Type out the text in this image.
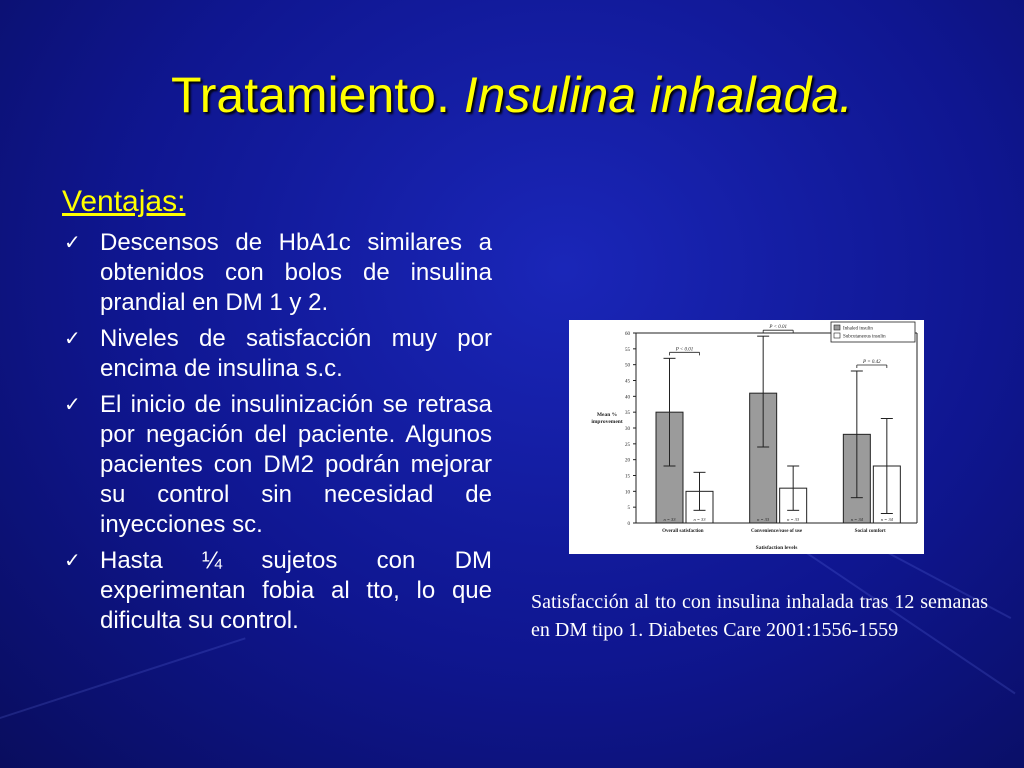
Tratamiento. Insulina inhalada.
Ventajas:
✓ Descensos de HbA1c similares a obtenidos con bolos de insulina prandial en DM 1 y 2.
✓ Niveles de satisfacción muy por encima de insulina s.c.
✓ El inicio de insulinización se retrasa por negación del paciente. Algunos pacientes con DM2 podrán mejorar su control sin necesidad de inyecciones sc.
✓ Hasta ¼ sujetos con DM experimentan fobia al tto, lo que dificulta su control.
0
5
10
15
20
25
30
35
40
45
50
55
60
Mean %
improvement
n = 33	n = 33
Overall satisfaction
P < 0.01
n = 33	n = 33
Convenience/ease of use
P < 0.01
n = 34	n = 34
Social comfort
P = 0.42
Satisfaction levels
Inhaled insulin
Subcutaneous insulin
Satisfacción al tto con insulina inhalada tras 12 semanas en DM tipo 1. Diabetes Care 2001:1556-1559
